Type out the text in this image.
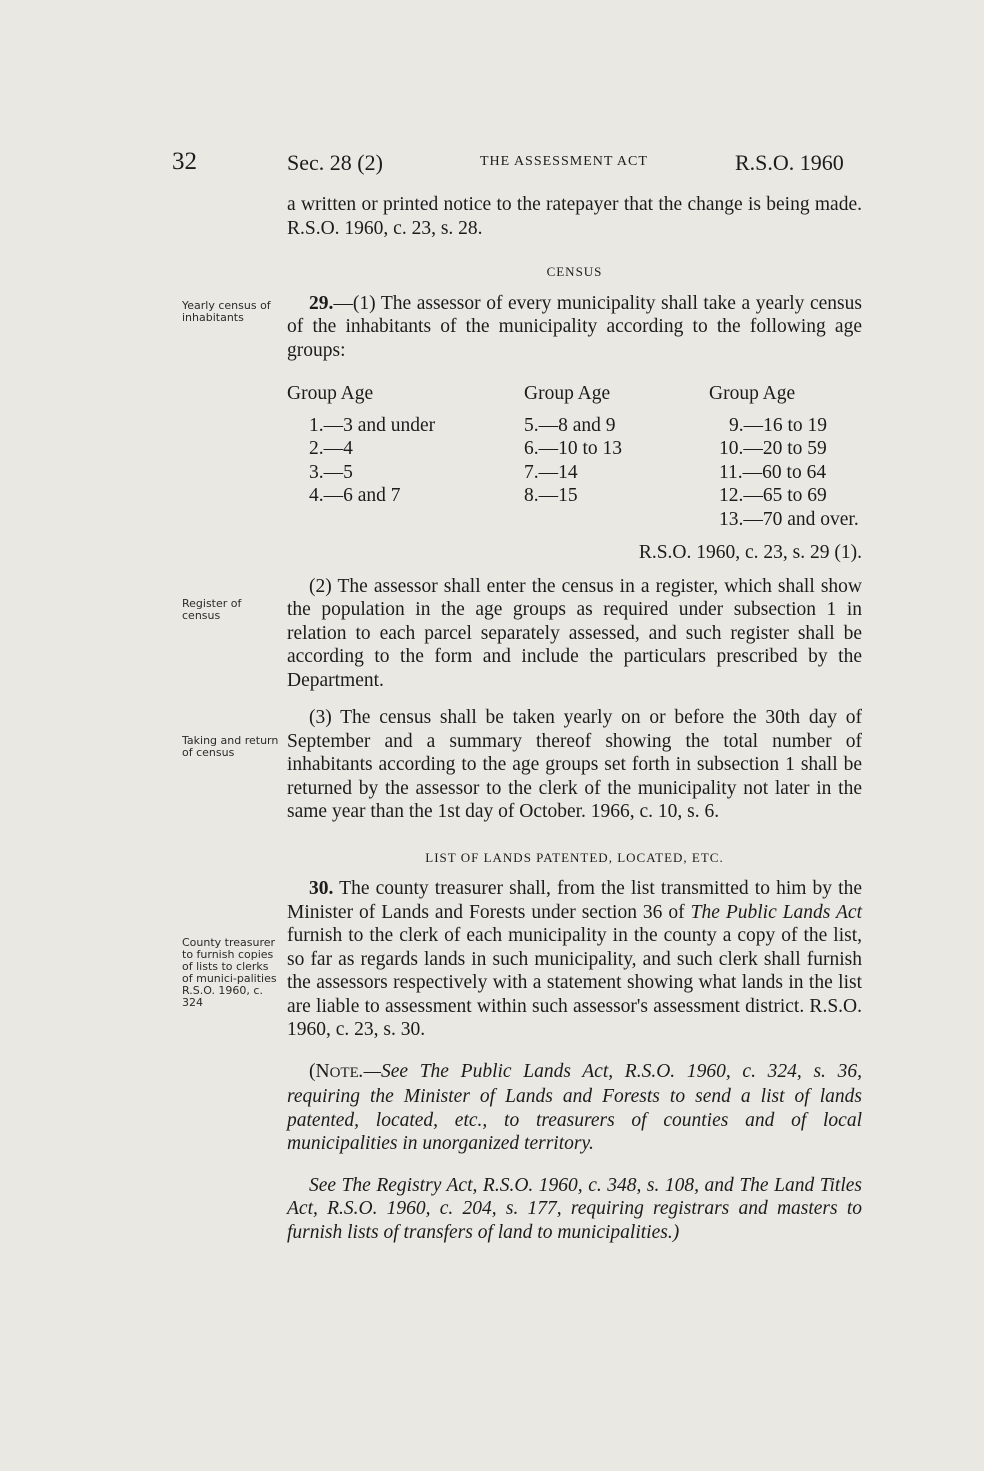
32	Sec. 28 (2)	THE ASSESSMENT ACT	R.S.O. 1960
Yearly census of inhabitants
Register of census
Taking and return of census
County treasurer to furnish copies of lists to clerks of munici-palities R.S.O. 1960, c. 324

a written or printed notice to the ratepayer that the change is being made. R.S.O. 1960, c. 23, s. 28.

CENSUS

29.—(1) The assessor of every municipality shall take a yearly census of the inhabitants of the municipality according to the following age groups:

Group Age	Group Age	Group Age
1.—3 and under	5.—8 and 9	9.—16 to 19
2.—4	6.—10 to 13	10.—20 to 59
3.—5	7.—14	11.—60 to 64
4.—6 and 7	8.—15	12.—65 to 69
		13.—70 and over.

R.S.O. 1960, c. 23, s. 29 (1).

(2) The assessor shall enter the census in a register, which shall show the population in the age groups as required under subsection 1 in relation to each parcel separately assessed, and such register shall be according to the form and include the particulars prescribed by the Department.

(3) The census shall be taken yearly on or before the 30th day of September and a summary thereof showing the total number of inhabitants according to the age groups set forth in subsection 1 shall be returned by the assessor to the clerk of the municipality not later in the same year than the 1st day of October. 1966, c. 10, s. 6.

LIST OF LANDS PATENTED, LOCATED, ETC.

30. The county treasurer shall, from the list transmitted to him by the Minister of Lands and Forests under section 36 of The Public Lands Act furnish to the clerk of each municipality in the county a copy of the list, so far as regards lands in such municipality, and such clerk shall furnish the assessors respectively with a statement showing what lands in the list are liable to assessment within such assessor's assessment district. R.S.O. 1960, c. 23, s. 30.

(NOTE.—See The Public Lands Act, R.S.O. 1960, c. 324, s. 36, requiring the Minister of Lands and Forests to send a list of lands patented, located, etc., to treasurers of counties and of local municipalities in unorganized territory.

See The Registry Act, R.S.O. 1960, c. 348, s. 108, and The Land Titles Act, R.S.O. 1960, c. 204, s. 177, requiring registrars and masters to furnish lists of transfers of land to municipalities.)
